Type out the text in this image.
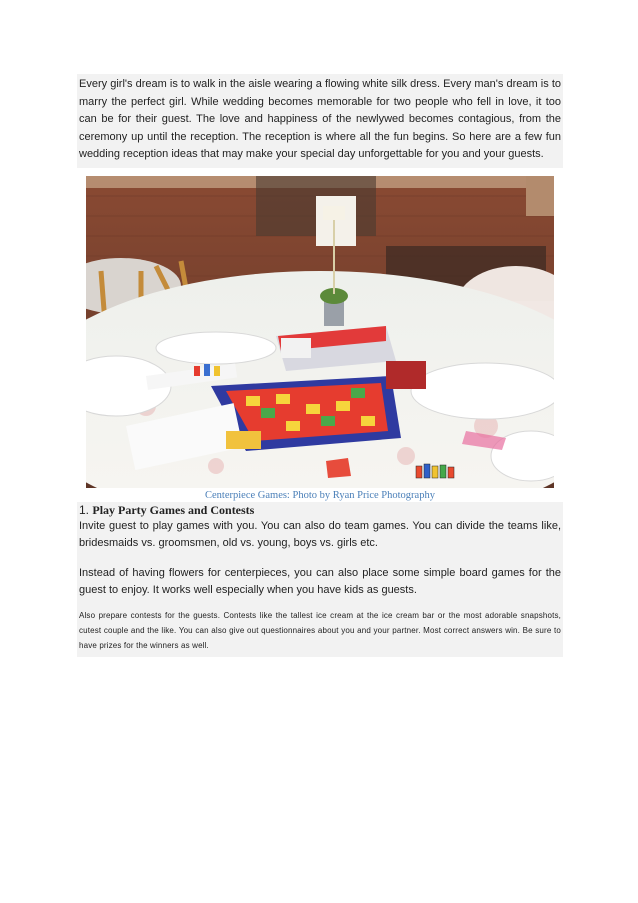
Every girl's dream is to walk in the aisle wearing a flowing white silk dress. Every man's dream is to marry the perfect girl. While wedding becomes memorable for two people who fell in love, it too can be for their guest. The love and happiness of the newlywed becomes contagious, from the ceremony up until the reception. The reception is where all the fun begins. So here are a few fun wedding reception ideas that may make your special day unforgettable for you and your guests.

Centerpiece Games: Photo by Ryan Price Photography

1. Play Party Games and Contests

Invite guest to play games with you. You can also do team games. You can divide the teams like, bridesmaids vs. groomsmen, old vs. young, boys vs. girls etc.

Instead of having flowers for centerpieces, you can also place some simple board games for the guest to enjoy. It works well especially when you have kids as guests.

Also prepare contests for the guests. Contests like the tallest ice cream at the ice cream bar or the most adorable snapshots, cutest couple and the like. You can also give out questionnaires about you and your partner. Most correct answers win. Be sure to have prizes for the winners as well.
